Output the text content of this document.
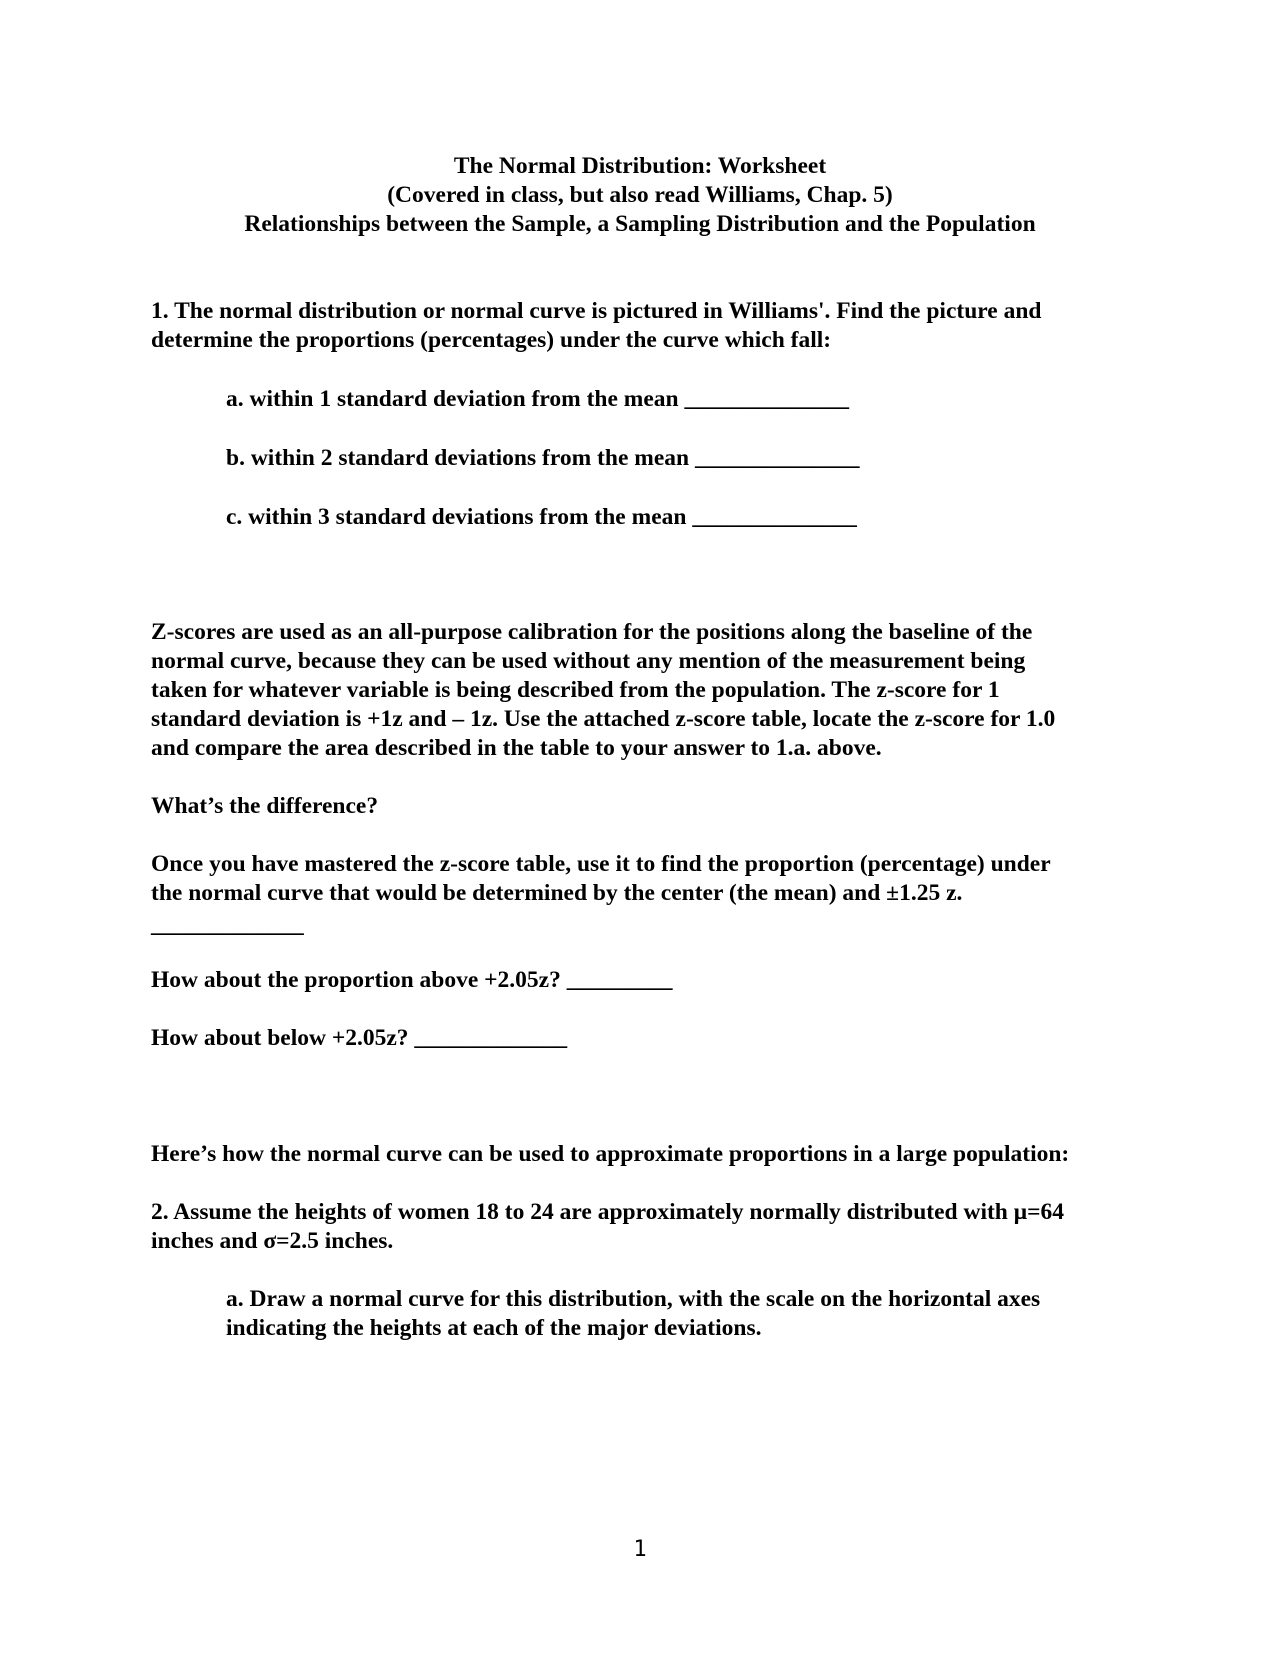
The Normal Distribution: Worksheet
(Covered in class, but also read Williams, Chap. 5)
Relationships between the Sample, a Sampling Distribution and the Population
1. The normal distribution or normal curve is pictured in Williams'. Find the picture and
determine the proportions (percentages) under the curve which fall:
a. within 1 standard deviation from the mean ______________
b. within 2 standard deviations from the mean ______________
c. within 3 standard deviations from the mean ______________
Z-scores are used as an all-purpose calibration for the positions along the baseline of the
normal curve, because they can be used without any mention of the measurement being
taken for whatever variable is being described from the population. The z-score for 1
standard deviation is +1z and – 1z. Use the attached z-score table, locate the z-score for 1.0
and compare the area described in the table to your answer to 1.a. above.
What’s the difference?
Once you have mastered the z-score table, use it to find the proportion (percentage) under
the normal curve that would be determined by the center (the mean) and ±1.25 z.
_____________
How about the proportion above +2.05z? _________
How about below +2.05z? _____________
Here’s how the normal curve can be used to approximate proportions in a large population:
2. Assume the heights of women 18 to 24 are approximately normally distributed with μ=64
inches and σ=2.5 inches.
a. Draw a normal curve for this distribution, with the scale on the horizontal axes
indicating the heights at each of the major deviations.
1
